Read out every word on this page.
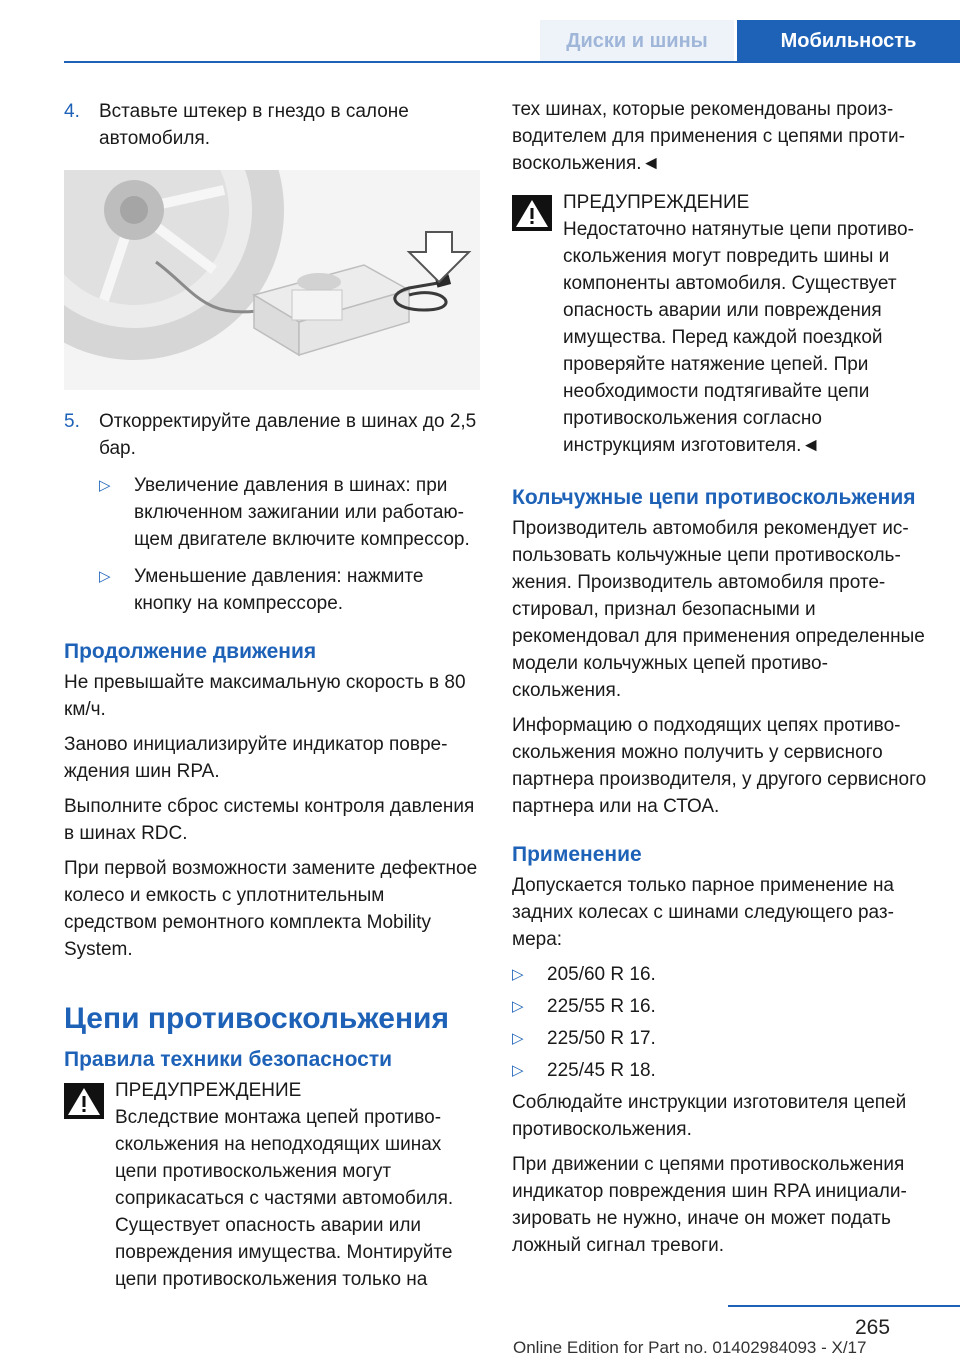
Диски и шины	Мобильность
4.	Вставьте штекер в гнездо в салоне автомобиля.
5.	Откорректируйте давление в шинах до 2,5 бар.
▷	Увеличение давления в шинах: при включенном зажигании или работающем двигателе включите компрессор.
▷	Уменьшение давления: нажмите кнопку на компрессоре.
Продолжение движения

Не превышайте максимальную скорость в 80 км/ч.

Заново инициализируйте индикатор повреждения шин RPA.

Выполните сброс системы контроля давления в шинах RDC.

При первой возможности замените дефектное колесо и емкость с уплотнительным средством ремонтного комплекта Mobility System.

Цепи противоскольжения
Правила техники безопасности
ПРЕДУПРЕЖДЕНИЕ
Вследствие монтажа цепей противоскольжения на неподходящих шинах цепи противоскольжения могут соприкасаться с частями автомобиля. Существует опасность аварии или повреждения имущества. Монтируйте цепи противоскольжения только на

тех шинах, которые рекомендованы производителем для применения с цепями противоскольжения.◄

ПРЕДУПРЕЖДЕНИЕ
Недостаточно натянутые цепи противоскольжения могут повредить шины и компоненты автомобиля. Существует опасность аварии или повреждения имущества. Перед каждой поездкой проверяйте натяжение цепей. При необходимости подтягивайте цепи противоскольжения согласно инструкциям изготовителя.◄
Кольчужные цепи противоскольжения

Производитель автомобиля рекомендует использовать кольчужные цепи противоскольжения. Производитель автомобиля протестировал, признал безопасными и рекомендовал для применения определенные модели кольчужных цепей противоскольжения.

Информацию о подходящих цепях противоскольжения можно получить у сервисного партнера производителя, у другого сервисного партнера или на СТОА.

Применение

Допускается только парное применение на задних колесах с шинами следующего размера:

▷	205/60 R 16.
▷	225/55 R 16.
▷	225/50 R 17.
▷	225/45 R 18.

Соблюдайте инструкции изготовителя цепей противоскольжения.

При движении с цепями противоскольжения индикатор повреждения шин RPA инициализировать не нужно, иначе он может подать ложный сигнал тревоги.

265
Online Edition for Part no. 01402984093 - X/17
